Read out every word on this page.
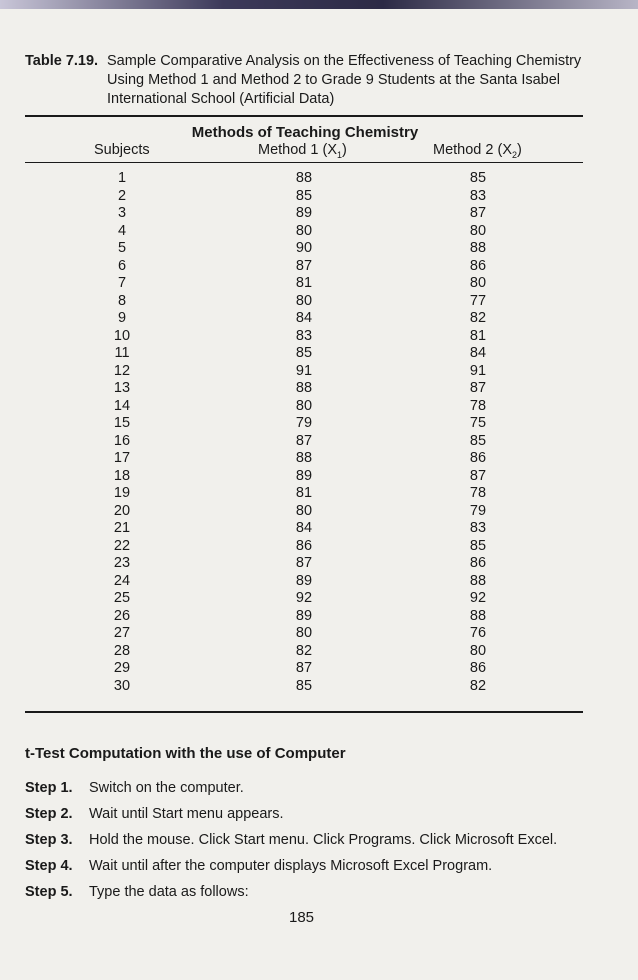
Table 7.19. Sample Comparative Analysis on the Effectiveness of Teaching Chemistry Using Method 1 and Method 2 to Grade 9 Students at the Santa Isabel International School (Artificial Data)
Methods of Teaching Chemistry
Subjects	Method 1 $(X_1)$	Method 2 $(X_2)$
1	88	85
2	85	83
3	89	87
4	80	80
5	90	88
6	87	86
7	81	80
8	80	77
9	84	82
10	83	81
11	85	84
12	91	91
13	88	87
14	80	78
15	79	75
16	87	85
17	88	86
18	89	87
19	81	78
20	80	79
21	84	83
22	86	85
23	87	86
24	89	88
25	92	92
26	89	88
27	80	76
28	82	80
29	87	86
30	85	82
t-Test Computation with the use of Computer
Step 1. Switch on the computer.
Step 2. Wait until Start menu appears.
Step 3. Hold the mouse. Click Start menu. Click Programs. Click Microsoft Excel.
Step 4. Wait until after the computer displays Microsoft Excel Program.
Step 5. Type the data as follows:
185
